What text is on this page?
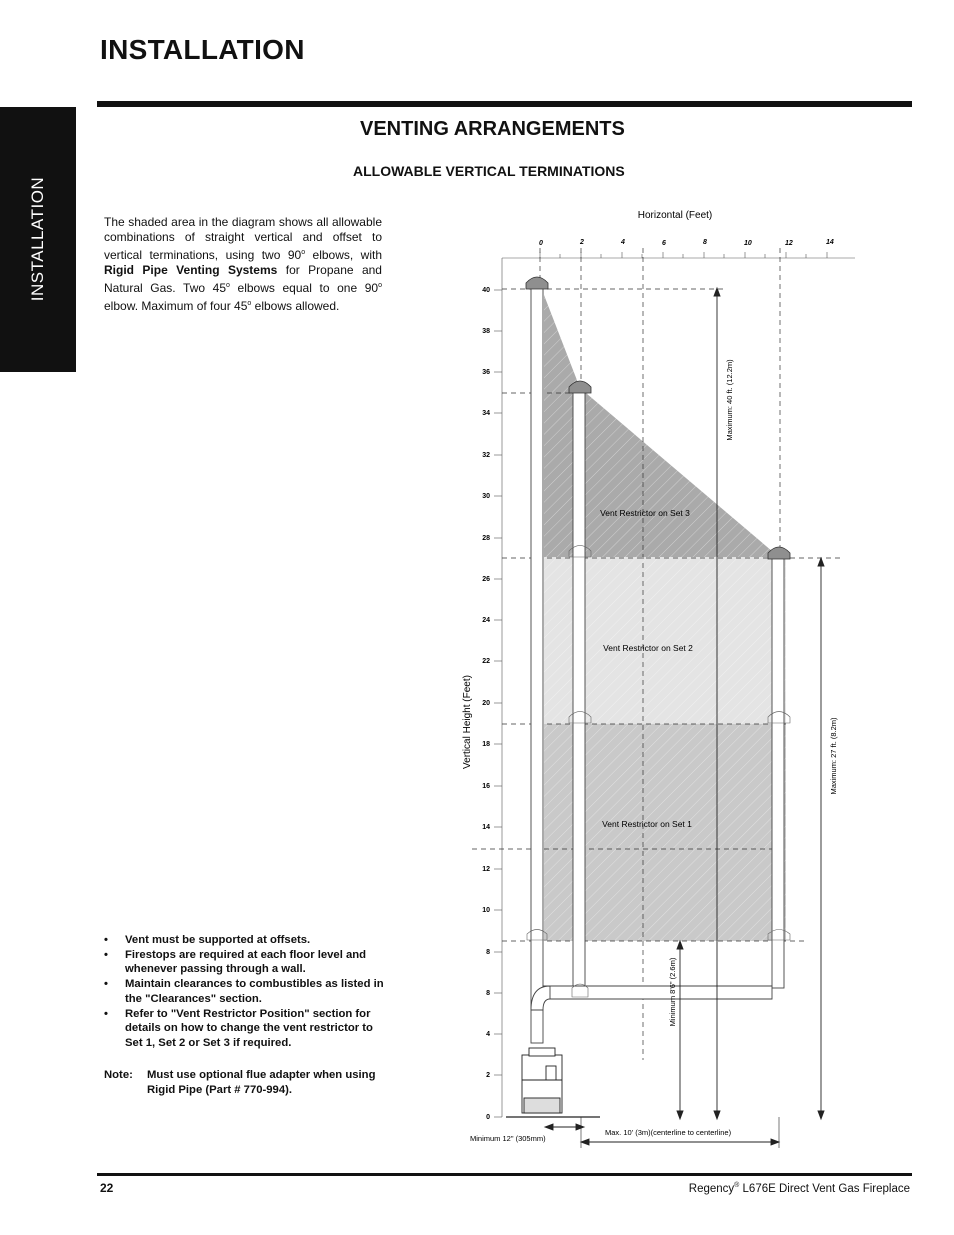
INSTALLATION
INSTALLATION
VENTING ARRANGEMENTS
ALLOWABLE VERTICAL TERMINATIONS

The shaded area in the diagram shows all allowable combinations of straight vertical and offset to vertical terminations, using two 90$^o$ elbows, with Rigid Pipe Venting Systems for Propane and Natural Gas. Two 45$^o$ elbows equal to one 90$^o$ elbow. Maximum of four 45$^o$ elbows allowed.

• Vent must be supported at offsets.
• Firestops are required at each floor level and whenever passing through a wall.
• Maintain clearances to combustibles as listed in the "Clearances" section.
• Refer to "Vent Restrictor Position" section for details on how to change the vent restrictor to Set 1, Set 2 or Set 3 if required.
Note:	Must use optional flue adapter when using Rigid Pipe (Part # 770-994).
Horizontal (Feet)
Vertical Height (Feet)
0	2	4	6	8	10	12	14
40
38
36
34
32
30
28
26
24
22
20
18
16
14
12
10
8
8
4
2
0
Vent Restrictor on Set 3
Vent Restrictor on Set 2
Vent Restrictor on Set 1
Maximum: 40 ft. (12.2m)
Maximum: 27 ft. (8.2m)
Minimum 8'6" (2.6m)
Minimum 12" (305mm)
Max. 10' (3m)(centerline to centerline)
22	Regency® L676E Direct Vent Gas Fireplace
